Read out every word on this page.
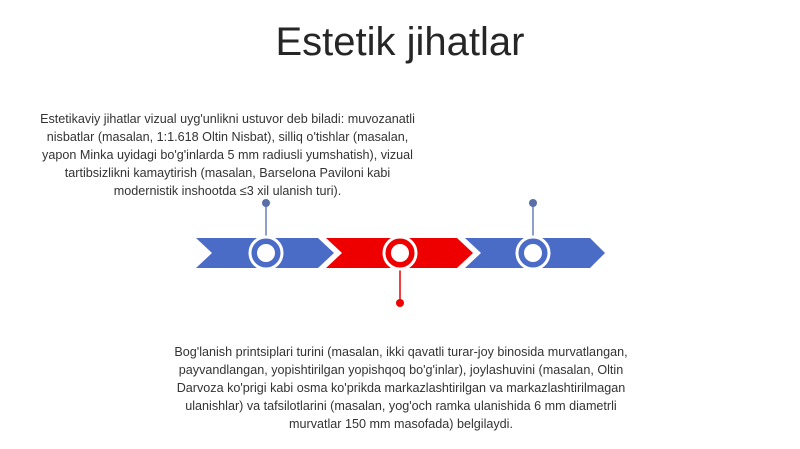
Estetik jihatlar
Estetikaviy jihatlar vizual uyg'unlikni ustuvor deb biladi: muvozanatli nisbatlar (masalan, 1:1.618 Oltin Nisbat), silliq o'tishlar (masalan, yapon Minka uyidagi bo'g'inlarda 5 mm radiusli yumshatish), vizual tartibsizlikni kamaytirish (masalan, Barselona Paviloni kabi modernistik inshootda ≤3 xil ulanish turi).
Bog'lanish printsiplari turini (masalan, ikki qavatli turar-joy binosida murvatlangan, payvandlangan, yopishtirilgan yopishqoq bo'g'inlar), joylashuvini (masalan, Oltin Darvoza ko'prigi kabi osma ko'prikda markazlashtirilgan va markazlashtirilmagan ulanishlar) va tafsilotlarini (masalan, yog'och ramka ulanishida 6 mm diametrli murvatlar 150 mm masofada) belgilaydi.
